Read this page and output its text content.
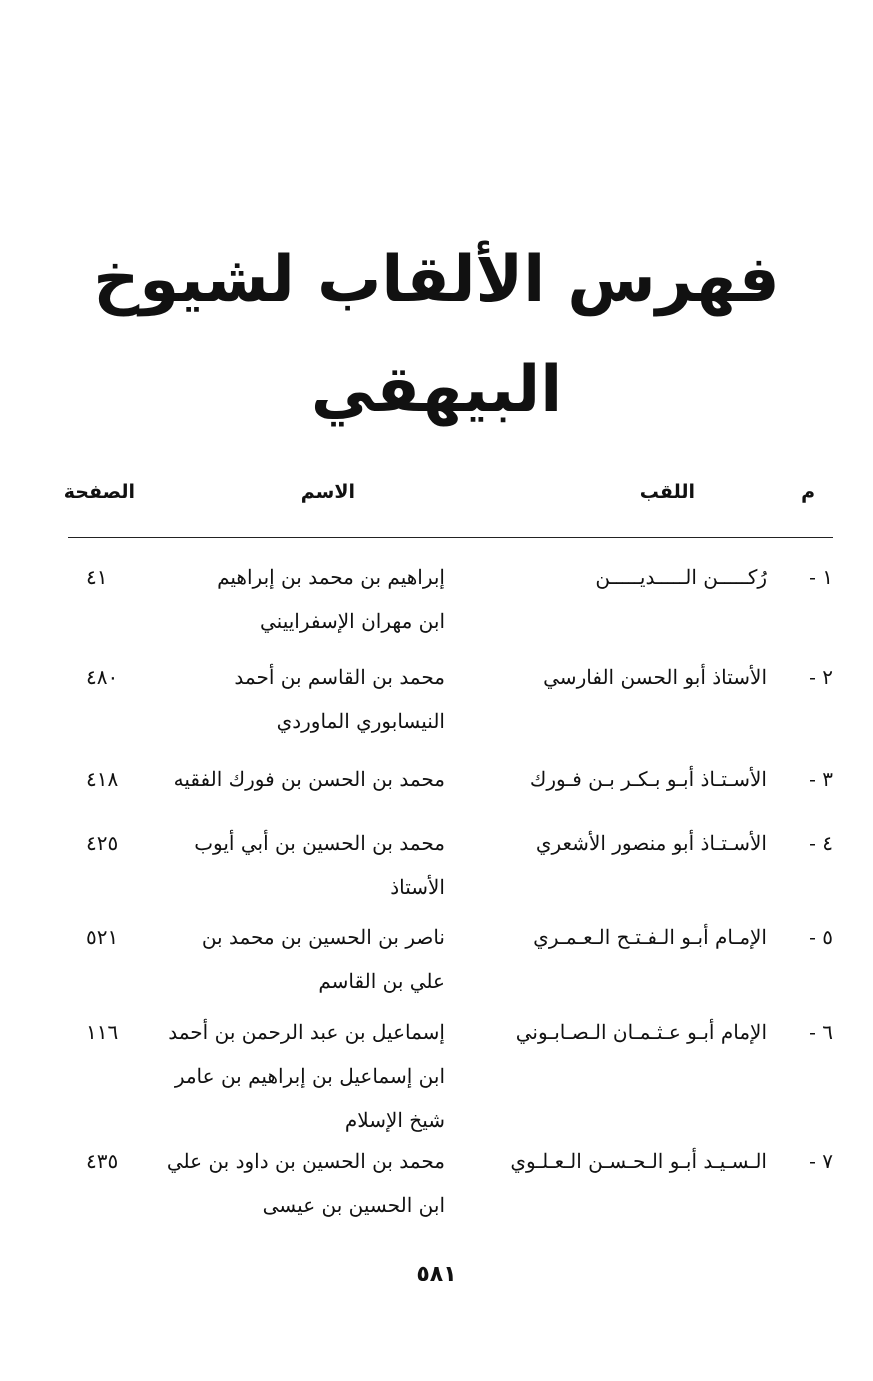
فهرس الألقاب لشيوخ البيهقي
م
اللقب
الاسم
الصفحة
١ -
رُكـــــن الـــــديـــــن
إبراهيم بن محمد بن إبراهيم
ابن مهران الإسفراييني
٤١
٢ -
الأستاذ أبو الحسن الفارسي
محمد بن القاسم بن أحمد
النيسابوري الماوردي
٤٨٠
٣ -
الأسـتـاذ أبـو بـكـر بـن فـورك
محمد بن الحسن بن فورك الفقيه
٤١٨
٤ -
الأسـتـاذ أبو منصور الأشعري
محمد بن الحسين بن أبي أيوب
الأستاذ
٤٢٥
٥ -
الإمـام أبـو الـفـتـح الـعـمـري
ناصر بن الحسين بن محمد بن
علي بن القاسم
٥٢١
٦ -
الإمام أبـو عـثـمـان الـصـابـوني
إسماعيل بن عبد الرحمن بن أحمد
ابن إسماعيل بن إبراهيم بن عامر
شيخ الإسلام
١١٦
٧ -
الـسـيـد أبـو الـحـسـن الـعـلـوي
محمد بن الحسين بن داود بن علي
ابن الحسين بن عيسى
٤٣٥
٥٨١
